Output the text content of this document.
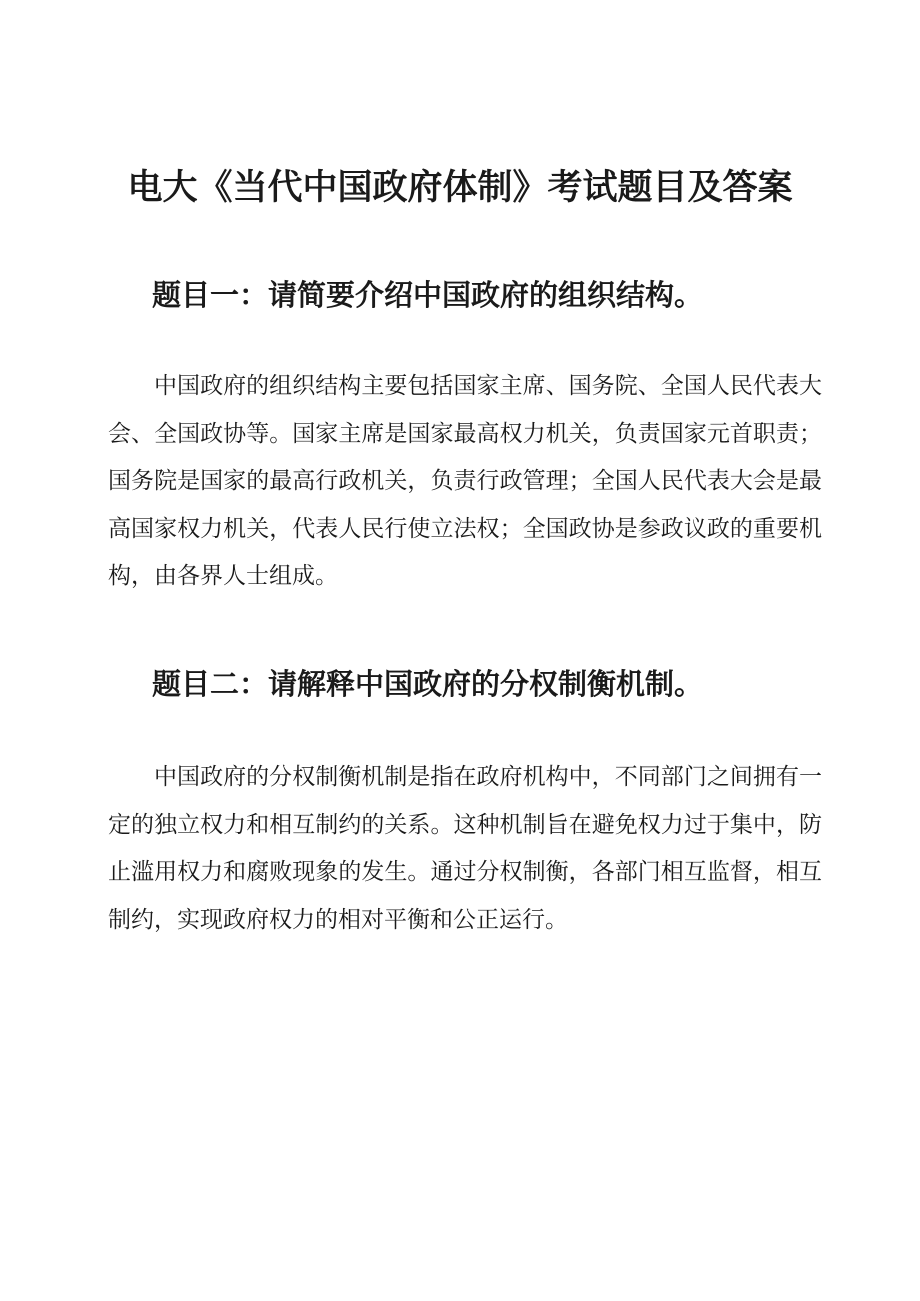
电大《当代中国政府体制》考试题目及答案
题目一：请简要介绍中国政府的组织结构。

中国政府的组织结构主要包括国家主席、国务院、全国人民代表大会、全国政协等。国家主席是国家最高权力机关，负责国家元首职责；国务院是国家的最高行政机关，负责行政管理；全国人民代表大会是最高国家权力机关，代表人民行使立法权；全国政协是参政议政的重要机构，由各界人士组成。

题目二：请解释中国政府的分权制衡机制。

中国政府的分权制衡机制是指在政府机构中，不同部门之间拥有一定的独立权力和相互制约的关系。这种机制旨在避免权力过于集中，防止滥用权力和腐败现象的发生。通过分权制衡，各部门相互监督，相互制约，实现政府权力的相对平衡和公正运行。
